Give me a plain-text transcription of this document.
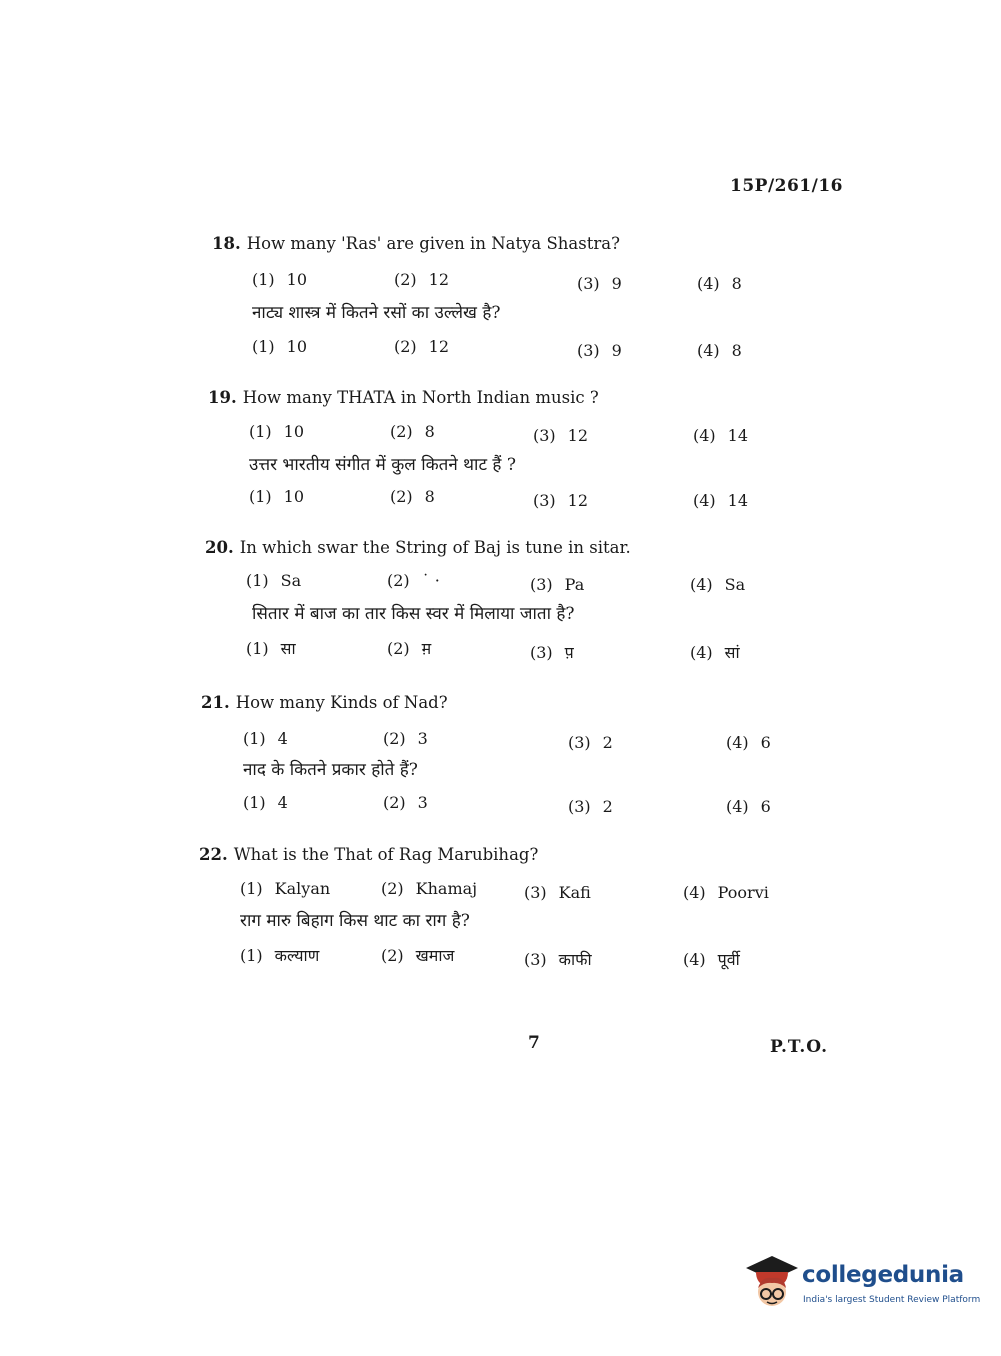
15P/261/16
18. How many 'Ras' are given in Natya Shastra?
(1) 10	(2) 12	(3) 9	(4) 8
नाट्य शास्त्र में कितने रसों का उल्लेख है?
(1) 10	(2) 12	(3) 9	(4) 8
19. How many THATA in North Indian music ?
(1) 10	(2) 8	(3) 12	(4) 14
उत्तर भारतीय संगीत में कुल कितने थाट हैं ?
(1) 10	(2) 8	(3) 12	(4) 14
20. In which swar the String of Baj is tune in sitar.
(1) Sa	(2) ˙ ·	(3) Pa	(4) Sa
सितार में बाज का तार किस स्वर में मिलाया जाता है?
(1) सा	(2) म़	(3) प़	(4) सां
21. How many Kinds of Nad?
(1) 4	(2) 3	(3) 2	(4) 6
नाद के कितने प्रकार होते हैं?
(1) 4	(2) 3	(3) 2	(4) 6
22. What is the That of Rag Marubihag?
(1) Kalyan	(2) Khamaj	(3) Kafi	(4) Poorvi
राग मारु बिहाग किस थाट का राग है?
(1) कल्याण	(2) खमाज	(3) काफी	(4) पूर्वी
7	P.T.O.
collegedunia
India's largest Student Review Platform
